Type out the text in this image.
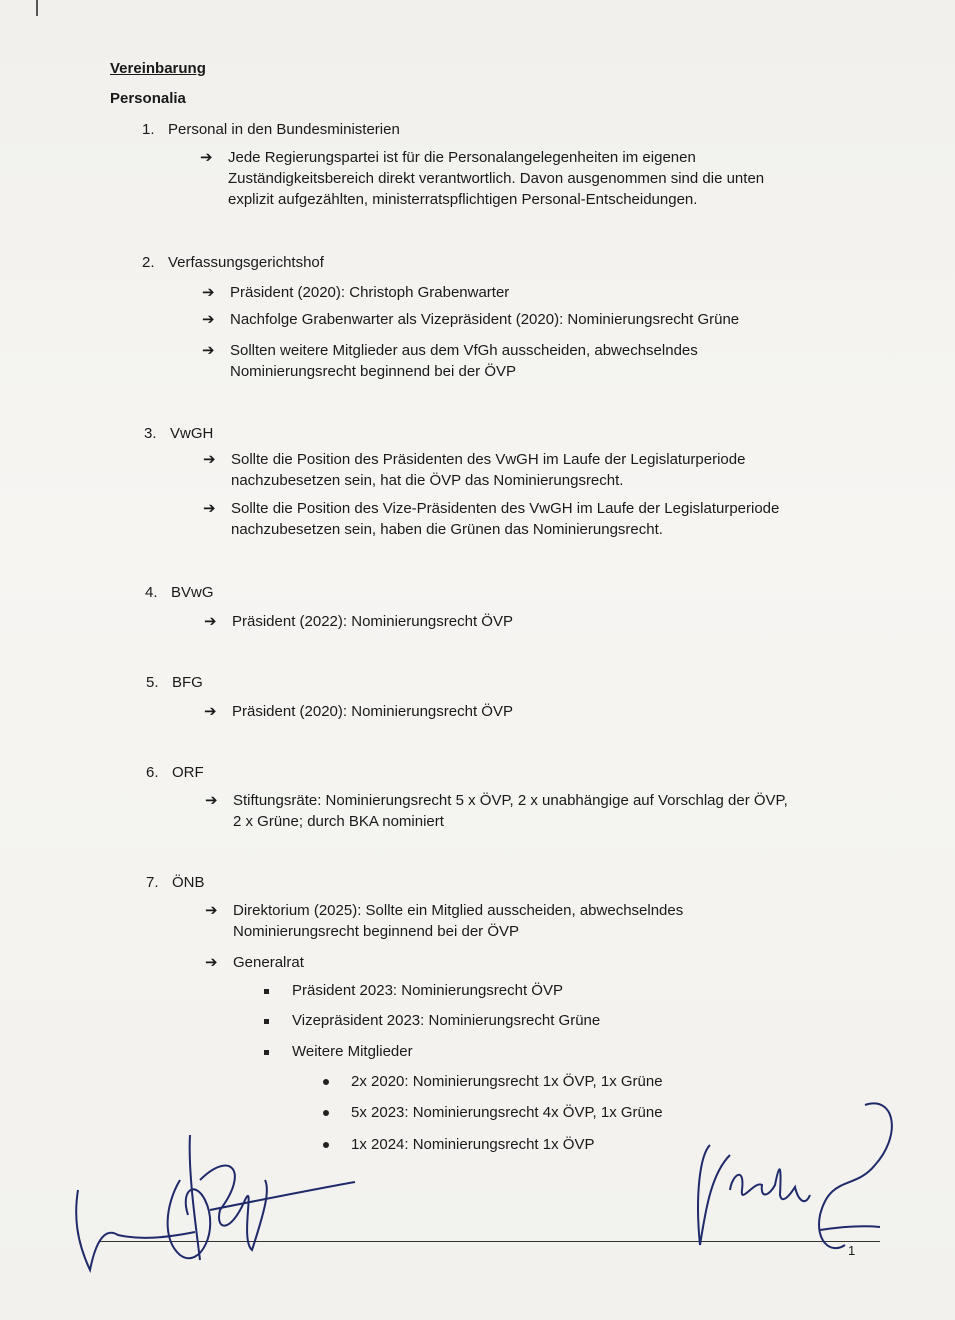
Vereinbarung
Personalia
1. Personal in den Bundesministerien
➔ Jede Regierungspartei ist für die Personalangelegenheiten im eigenen
Zuständigkeitsbereich direkt verantwortlich. Davon ausgenommen sind die unten
explizit aufgezählten, ministerratspflichtigen Personal-Entscheidungen.
2. Verfassungsgerichtshof
➔ Präsident (2020): Christoph Grabenwarter
➔ Nachfolge Grabenwarter als Vizepräsident (2020): Nominierungsrecht Grüne
➔ Sollten weitere Mitglieder aus dem VfGh ausscheiden, abwechselndes
Nominierungsrecht beginnend bei der ÖVP
3. VwGH
➔ Sollte die Position des Präsidenten des VwGH im Laufe der Legislaturperiode
nachzubesetzen sein, hat die ÖVP das Nominierungsrecht.
➔ Sollte die Position des Vize-Präsidenten des VwGH im Laufe der Legislaturperiode
nachzubesetzen sein, haben die Grünen das Nominierungsrecht.
4. BVwG
➔ Präsident (2022): Nominierungsrecht ÖVP
5. BFG
➔ Präsident (2020): Nominierungsrecht ÖVP
6. ORF
➔ Stiftungsräte: Nominierungsrecht 5 x ÖVP, 2 x unabhängige auf Vorschlag der ÖVP,
2 x Grüne; durch BKA nominiert
7. ÖNB
➔ Direktorium (2025): Sollte ein Mitglied ausscheiden, abwechselndes
Nominierungsrecht beginnend bei der ÖVP
➔ Generalrat
Präsident 2023: Nominierungsrecht ÖVP
Vizepräsident 2023: Nominierungsrecht Grüne
Weitere Mitglieder
2x 2020: Nominierungsrecht 1x ÖVP, 1x Grüne
5x 2023: Nominierungsrecht 4x ÖVP, 1x Grüne
1x 2024: Nominierungsrecht 1x ÖVP
1
